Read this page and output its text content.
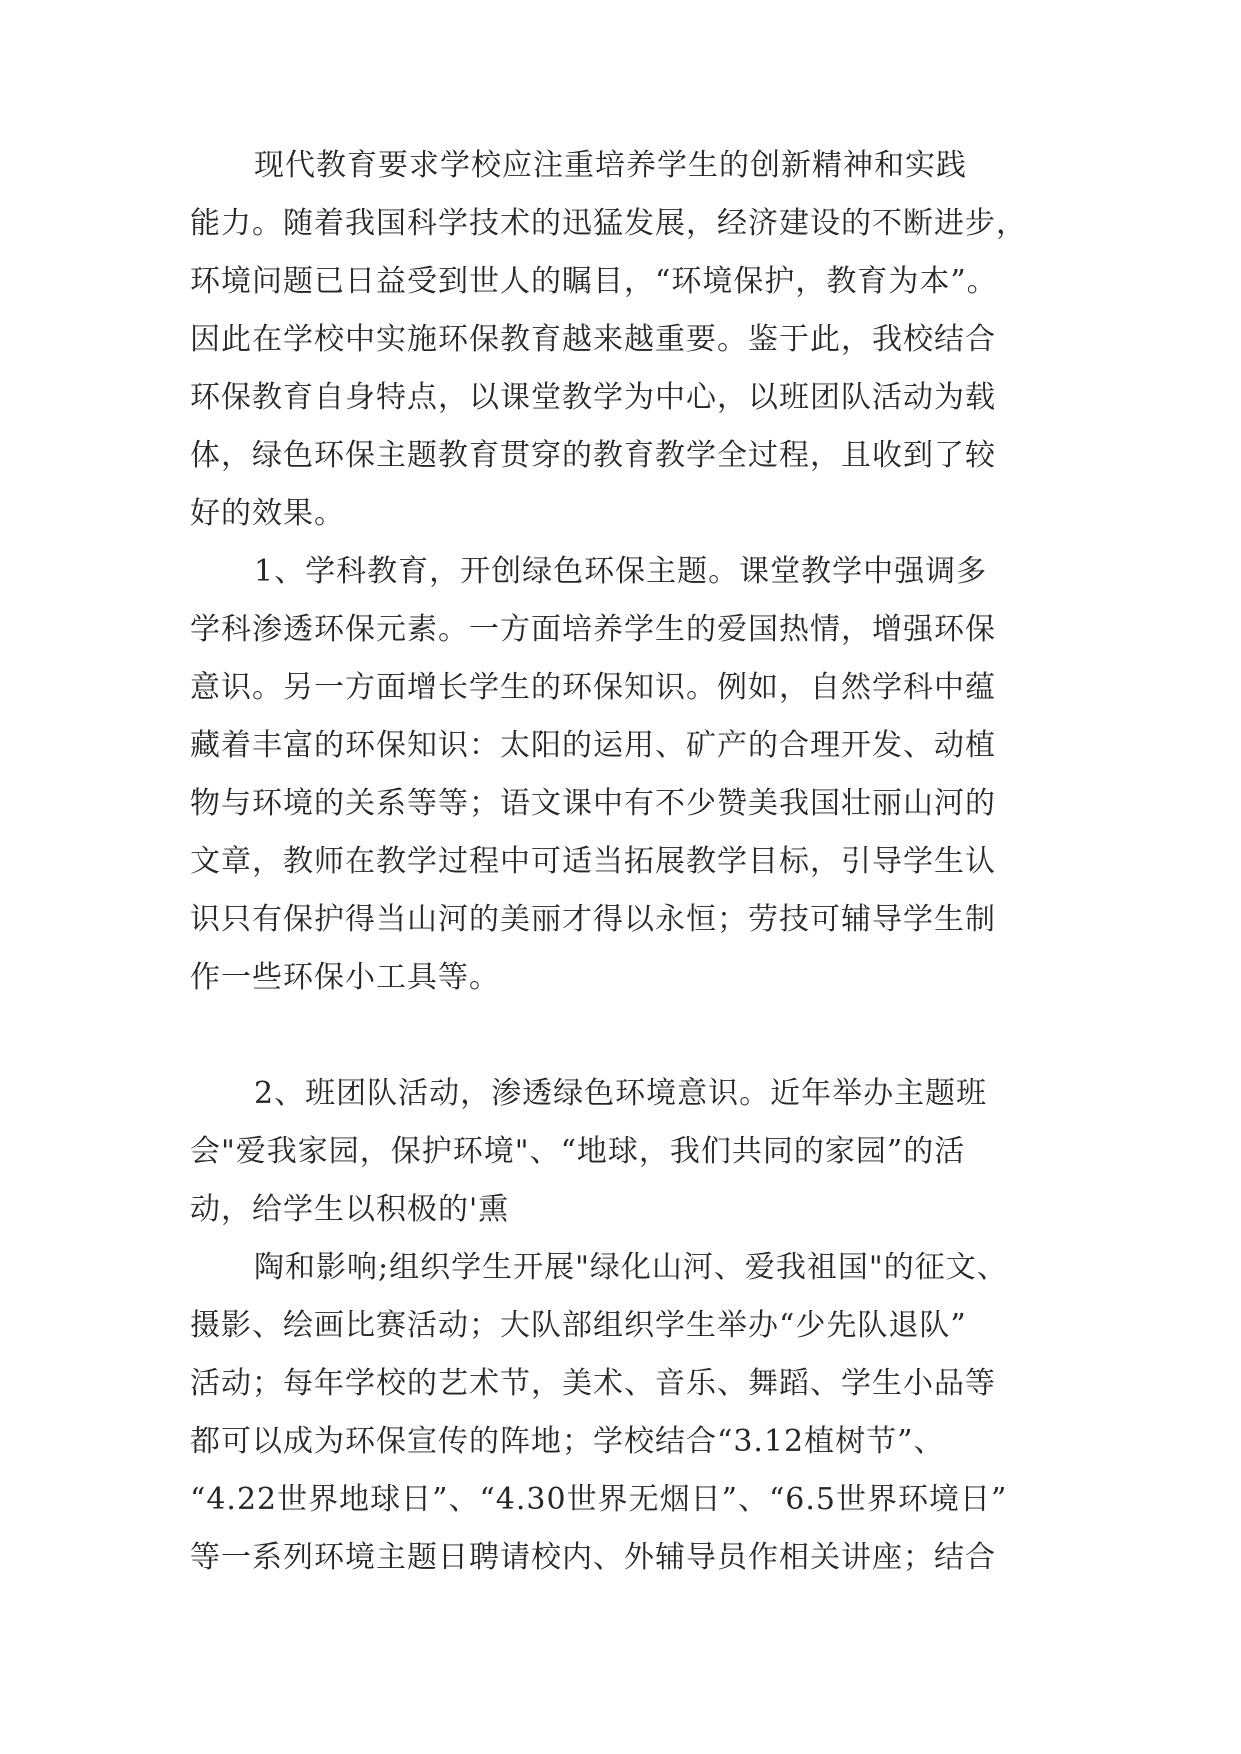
现代教育要求学校应注重培养学生的创新精神和实践
能力。随着我国科学技术的迅猛发展，经济建设的不断进步，
环境问题已日益受到世人的瞩目，“环境保护，教育为本”。
因此在学校中实施环保教育越来越重要。鉴于此，我校结合
环保教育自身特点，以课堂教学为中心，以班团队活动为载
体，绿色环保主题教育贯穿的教育教学全过程，且收到了较
好的效果。
1、学科教育，开创绿色环保主题。课堂教学中强调多
学科渗透环保元素。一方面培养学生的爱国热情，增强环保
意识。另一方面增长学生的环保知识。例如，自然学科中蕴
藏着丰富的环保知识：太阳的运用、矿产的合理开发、动植
物与环境的关系等等；语文课中有不少赞美我国壮丽山河的
文章，教师在教学过程中可适当拓展教学目标，引导学生认
识只有保护得当山河的美丽才得以永恒；劳技可辅导学生制
作一些环保小工具等。
2、班团队活动，渗透绿色环境意识。近年举办主题班
会"爱我家园，保护环境"、“地球，我们共同的家园”的活
动，给学生以积极的'熏
陶和影响;组织学生开展"绿化山河、爱我祖国"的征文、
摄影、绘画比赛活动；大队部组织学生举办“少先队退队”
活动；每年学校的艺术节，美术、音乐、舞蹈、学生小品等
都可以成为环保宣传的阵地；学校结合“3.12植树节”、
“4.22世界地球日”、“4.30世界无烟日”、“6.5世界环境日”
等一系列环境主题日聘请校内、外辅导员作相关讲座；结合
